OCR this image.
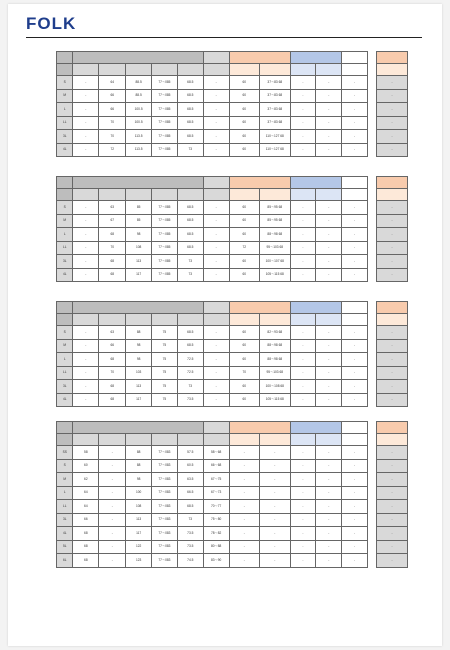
FOLK

S	-	64	88.5	77〜085	68.5	-	60	37〜83 68	-	-	-
M	-	66	88.5	77〜085	68.5	-	60	37〜83 68	-	-	-
L	-	66	100.5	77〜085	68.5	-	60	37〜83 68	-	-	-
LL	-	70	100.5	77〜085	68.5	-	60	37〜83 68	-	-	-
3L	-	70	113.5	77〜085	68.5	-	60	110〜127 68	-	-	-
4L	-	72	113.5	77〜085	73	-	60	110〜127 68	-	-	-

-
-
-
-
-
-

S	-	63	85	77〜085	68.5	-	60	85〜95 68	-	-	-
M	-	67	85	77〜085	68.5	-	60	85〜95 68	-	-	-
L	-	68	98	77〜085	68.5	-	60	88〜98 68	-	-	-
LL	-	70	108	77〜085	68.5	-	72	95〜103 68	-	-	-
3L	-	68	113	77〜085	73	-	60	100〜107 68	-	-	-
4L	-	68	117	77〜085	73	-	60	105〜115 68	-	-	-

-
-
-
-
-
-

S	-	63	88	75	68.5	-	60	82〜93 68	-	-	-
M	-	66	98	75	68.5	-	60	88〜98 68	-	-	-
L	-	68	98	75	72.5	-	60	88〜98 68	-	-	-
LL	-	70	103	75	72.5	-	70	95〜103 68	-	-	-
3L	-	68	113	75	73	-	60	100〜108 68	-	-	-
4L	-	68	117	75	73.5	-	60	105〜115 68	-	-	-

-
-
-
-
-
-

SS	58	-	88	77〜083	57.5	58〜68	-	-	-	-	-
S	60	-	88	77〜083	60.5	66〜68	-	-	-	-	-
M	62	-	98	77〜083	63.5	67〜75	-	-	-	-	-
L	64	-	100	77〜083	66.5	67〜73	-	-	-	-	-
LL	64	-	108	77〜083	68.5	70〜77	-	-	-	-	-
3L	66	-	113	77〜083	73	75〜80	-	-	-	-	-
4L	68	-	117	77〜083	73.5	78〜82	-	-	-	-	-
5L	68	-	122	77〜083	73.5	80〜88	-	-	-	-	-
6L	68	-	123	77〜083	74.5	83〜90	-	-	-	-	-

-
-
-
-
-
-
-
-
-
